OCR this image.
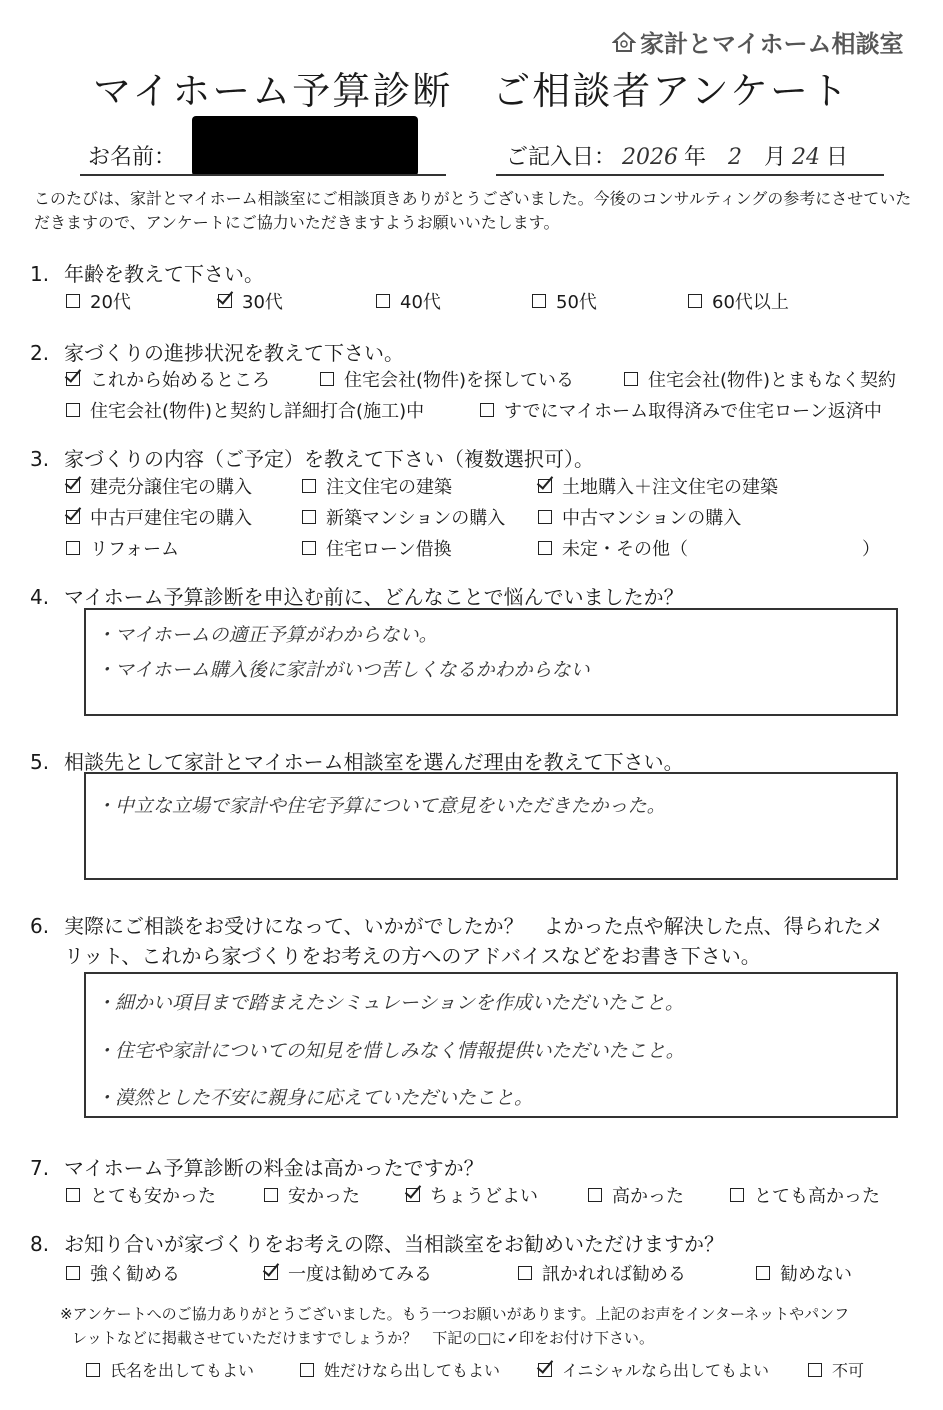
家計とマイホーム相談室
マイホーム予算診断　ご相談者アンケート
お名前：	ご記入日： 2026 年 2 月 24 日
このたびは、家計とマイホーム相談室にご相談頂きありがとうございました。今後のコンサルティングの参考にさせていただきますので、アンケートにご協力いただきますようお願いいたします。
1. 年齢を教えて下さい。
20代	30代	40代	50代	60代以上
2. 家づくりの進捗状況を教えて下さい。
これから始めるところ	住宅会社(物件)を探している	住宅会社(物件)とまもなく契約
住宅会社(物件)と契約し詳細打合(施工)中	すでにマイホーム取得済みで住宅ローン返済中
3. 家づくりの内容（ご予定）を教えて下さい（複数選択可）。
建売分譲住宅の購入	注文住宅の建築	土地購入＋注文住宅の建築
中古戸建住宅の購入	新築マンションの購入	中古マンションの購入
リフォーム	住宅ローン借換	未定・その他（	）
4. マイホーム予算診断を申込む前に、どんなことで悩んでいましたか？
・マイホームの適正予算がわからない。
・マイホーム購入後に家計がいつ苦しくなるかわからない
5. 相談先として家計とマイホーム相談室を選んだ理由を教えて下さい。
・中立な立場で家計や住宅予算について意見をいただきたかった。
6. 実際にご相談をお受けになって、いかがでしたか？　よかった点や解決した点、得られたメ
リット、これから家づくりをお考えの方へのアドバイスなどをお書き下さい。
・細かい項目まで踏まえたシミュレーションを作成いただいたこと。
・住宅や家計についての知見を惜しみなく情報提供いただいたこと。
・漠然とした不安に親身に応えていただいたこと。
7. マイホーム予算診断の料金は高かったですか？
とても安かった	安かった	ちょうどよい	高かった	とても高かった
8. お知り合いが家づくりをお考えの際、当相談室をお勧めいただけますか？
強く勧める	一度は勧めてみる	訊かれれば勧める	勧めない
※アンケートへのご協力ありがとうございました。もう一つお願いがあります。上記のお声をインターネットやパンフ
レットなどに掲載させていただけますでしょうか？　下記の□に✓印をお付け下さい。
氏名を出してもよい	姓だけなら出してもよい	イニシャルなら出してもよい	不可
